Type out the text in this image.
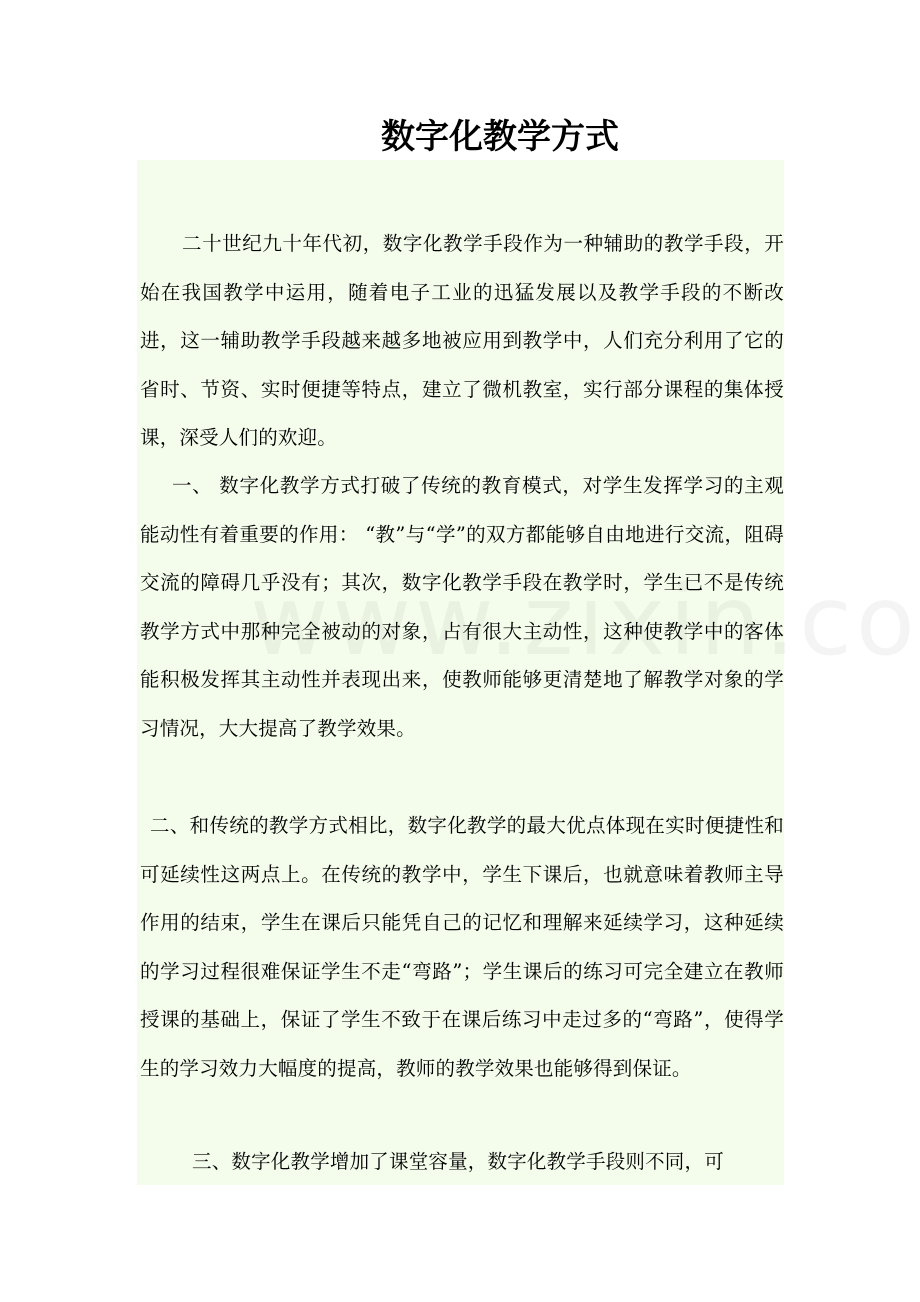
数字化教学方式

二十世纪九十年代初，数字化教学手段作为一种辅助的教学手段，开始在我国教学中运用，随着电子工业的迅猛发展以及教学手段的不断改进，这一辅助教学手段越来越多地被应用到教学中，人们充分利用了它的省时、节资、实时便捷等特点，建立了微机教室，实行部分课程的集体授课，深受人们的欢迎。

一、 数字化教学方式打破了传统的教育模式，对学生发挥学习的主观能动性有着重要的作用： “教”与“学”的双方都能够自由地进行交流，阻碍交流的障碍几乎没有；其次，数字化教学手段在教学时，学生已不是传统教学方式中那种完全被动的对象，占有很大主动性，这种使教学中的客体能积极发挥其主动性并表现出来，使教师能够更清楚地了解教学对象的学习情况，大大提高了教学效果。

二、和传统的教学方式相比，数字化教学的最大优点体现在实时便捷性和可延续性这两点上。在传统的教学中，学生下课后，也就意味着教师主导作用的结束，学生在课后只能凭自己的记忆和理解来延续学习，这种延续的学习过程很难保证学生不走“弯路”；学生课后的练习可完全建立在教师授课的基础上，保证了学生不致于在课后练习中走过多的“弯路”，使得学生的学习效力大幅度的提高，教师的教学效果也能够得到保证。

三、数字化教学增加了课堂容量，数字化教学手段则不同，可
